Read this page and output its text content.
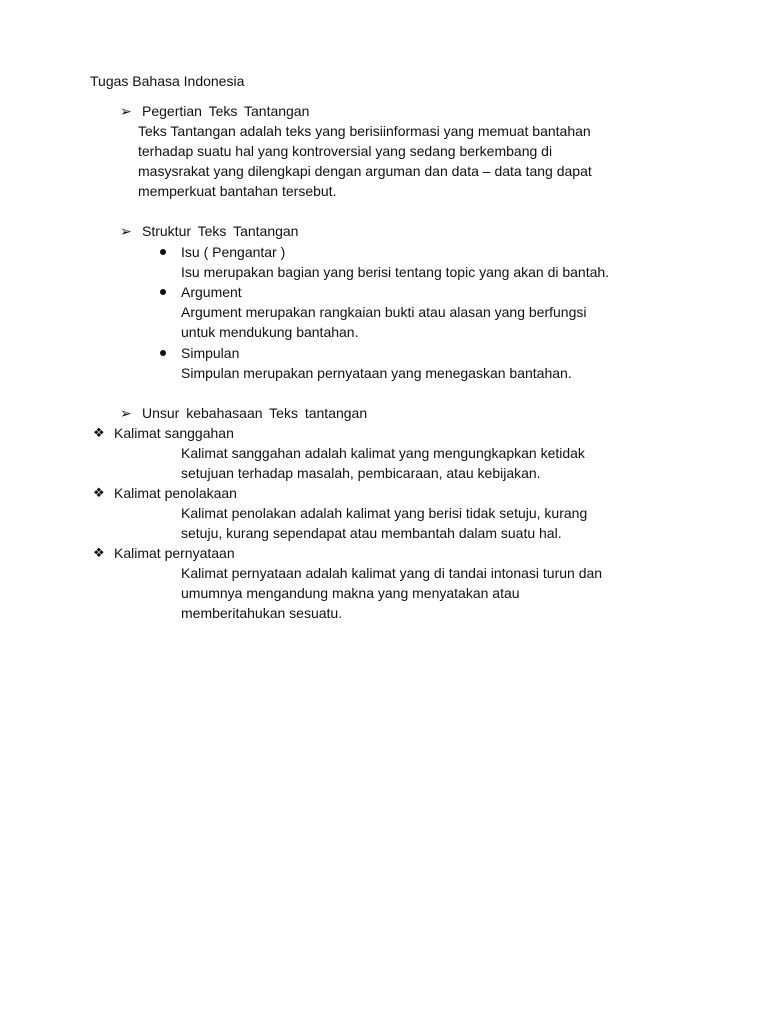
Tugas Bahasa Indonesia
➢ Pegertian Teks Tantangan
Teks Tantangan adalah teks yang berisiinformasi yang memuat bantahan
terhadap suatu hal yang kontroversial yang sedang berkembang di
masysrakat yang dilengkapi dengan arguman dan data – data tang dapat
memperkuat bantahan tersebut.
➢ Struktur Teks Tantangan
Isu ( Pengantar )
Isu merupakan bagian yang berisi tentang topic yang akan di bantah.
Argument
Argument merupakan rangkaian bukti atau alasan yang berfungsi
untuk mendukung bantahan.
Simpulan
Simpulan merupakan pernyataan yang menegaskan bantahan.
➢ Unsur kebahasaan Teks tantangan
❖ Kalimat sanggahan
Kalimat sanggahan adalah kalimat yang mengungkapkan ketidak
setujuan terhadap masalah, pembicaraan, atau kebijakan.
❖ Kalimat penolakaan
Kalimat penolakan adalah kalimat yang berisi tidak setuju, kurang
setuju, kurang sependapat atau membantah dalam suatu hal.
❖ Kalimat pernyataan
Kalimat pernyataan adalah kalimat yang di tandai intonasi turun dan
umumnya mengandung makna yang menyatakan atau
memberitahukan sesuatu.
